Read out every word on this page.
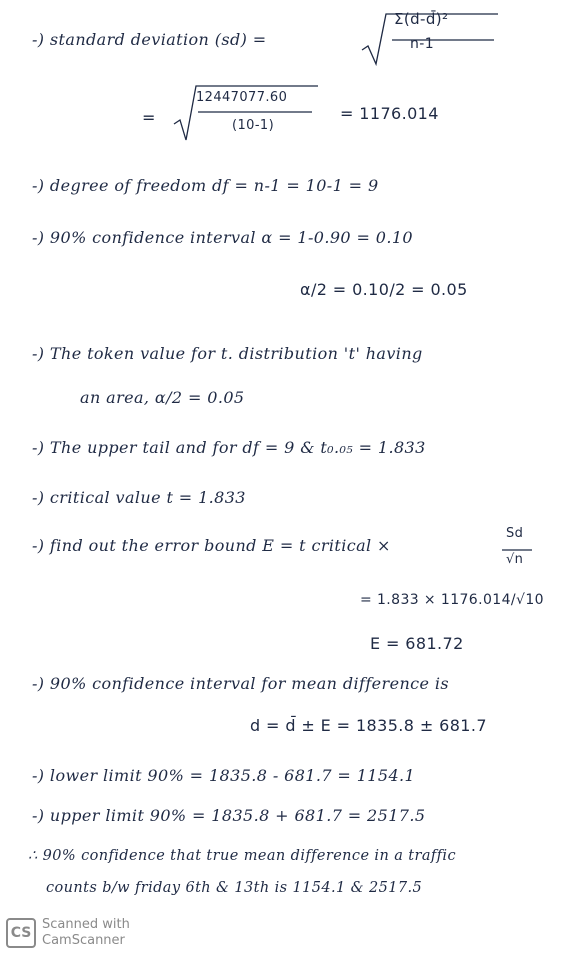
-) standard deviation (sd) =
Σ(d-d̄)²
n-1
=
12447077.60
(10-1)
= 1176.014
-) degree of freedom df = n-1 = 10-1 = 9
-) 90% confidence interval α = 1-0.90 = 0.10
α/2 = 0.10/2 = 0.05
-) The token value for t. distribution 't' having
an area, α/2 = 0.05
-) The upper tail and for df = 9 & t₀.₀₅ = 1.833
-) critical value t = 1.833
-) find out the error bound E = t critical ×
Sd
√n
= 1.833 × 1176.014/√10
E = 681.72
-) 90% confidence interval for mean difference is
d = d̄ ± E = 1835.8 ± 681.7
-) lower limit 90% = 1835.8 - 681.7 = 1154.1
-) upper limit 90% = 1835.8 + 681.7 = 2517.5
∴ 90% confidence that true mean difference in a traffic
counts b/w friday 6th & 13th is 1154.1 & 2517.5
CS
Scanned with
CamScanner
